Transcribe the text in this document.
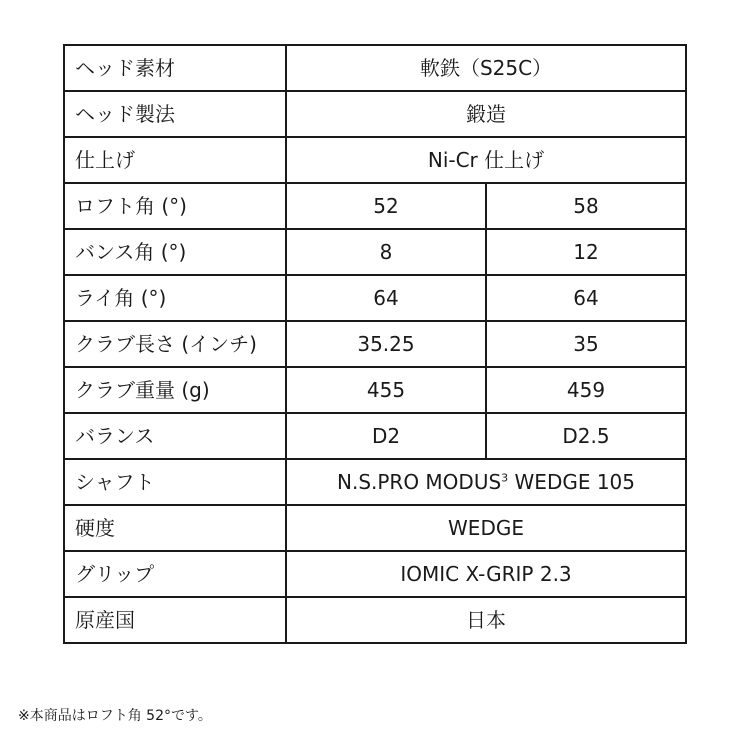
ヘッド素材	軟鉄（S25C）	
ヘッド製法	鍛造	
仕上げ	Ni-Cr 仕上げ	
ロフト角 (°)	52	58
バンス角 (°)	8	12
ライ角 (°)	64	64
クラブ長さ (インチ)	35.25	35
クラブ重量 (g)	455	459
バランス	D2	D2.5
シャフト	N.S.PRO MODUS$^3$ WEDGE 105	
硬度	WEDGE	
グリップ	IOMIC X-GRIP 2.3	
原産国	日本	
※本商品はロフト角 52°です。
